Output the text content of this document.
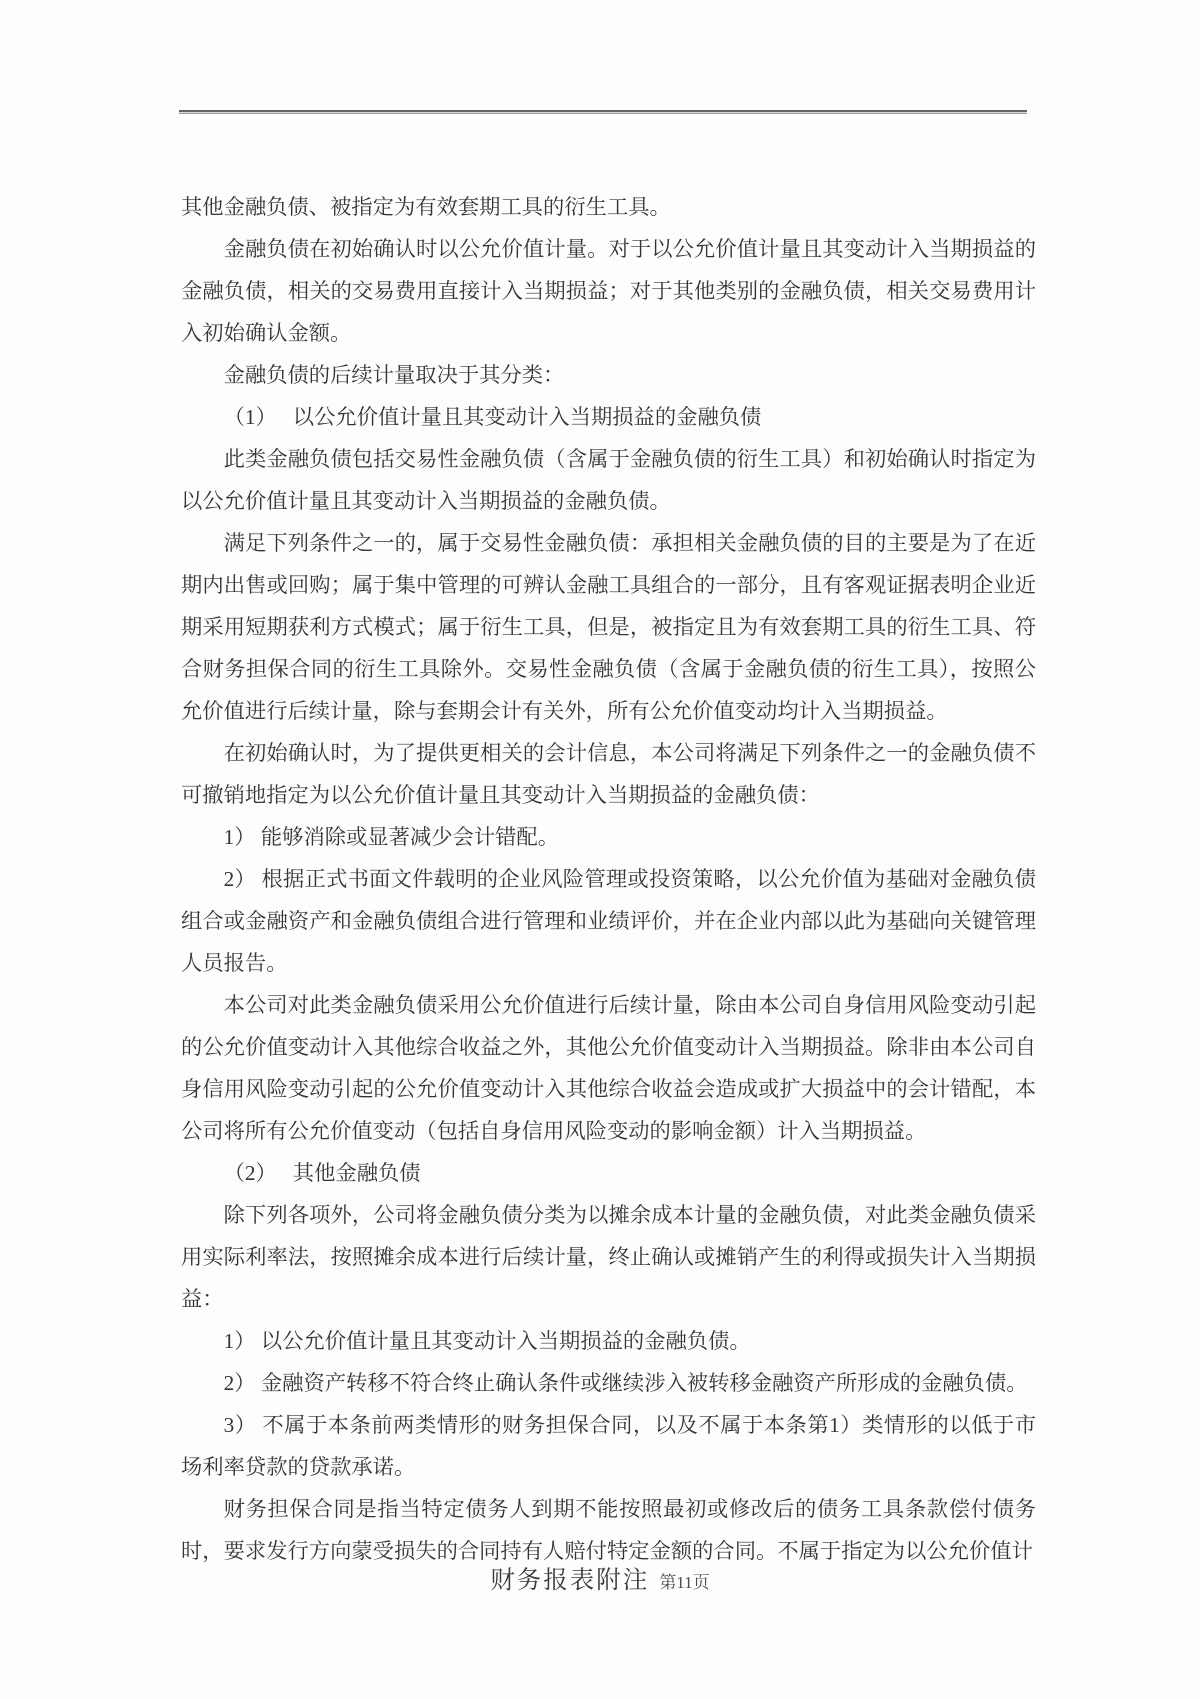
其他金融负债、被指定为有效套期工具的衍生工具。

金融负债在初始确认时以公允价值计量。对于以公允价值计量且其变动计入当期损益的金融负债，相关的交易费用直接计入当期损益；对于其他类别的金融负债，相关交易费用计入初始确认金额。

金融负债的后续计量取决于其分类：

（1）　 以公允价值计量且其变动计入当期损益的金融负债

此类金融负债包括交易性金融负债（含属于金融负债的衍生工具）和初始确认时指定为以公允价值计量且其变动计入当期损益的金融负债。

满足下列条件之一的，属于交易性金融负债：承担相关金融负债的目的主要是为了在近期内出售或回购；属于集中管理的可辨认金融工具组合的一部分，且有客观证据表明企业近期采用短期获利方式模式；属于衍生工具，但是，被指定且为有效套期工具的衍生工具、符合财务担保合同的衍生工具除外。交易性金融负债（含属于金融负债的衍生工具），按照公允价值进行后续计量，除与套期会计有关外，所有公允价值变动均计入当期损益。

在初始确认时，为了提供更相关的会计信息，本公司将满足下列条件之一的金融负债不可撤销地指定为以公允价值计量且其变动计入当期损益的金融负债：

1） 能够消除或显著减少会计错配。

2） 根据正式书面文件载明的企业风险管理或投资策略，以公允价值为基础对金融负债组合或金融资产和金融负债组合进行管理和业绩评价，并在企业内部以此为基础向关键管理人员报告。

本公司对此类金融负债采用公允价值进行后续计量，除由本公司自身信用风险变动引起的公允价值变动计入其他综合收益之外，其他公允价值变动计入当期损益。除非由本公司自身信用风险变动引起的公允价值变动计入其他综合收益会造成或扩大损益中的会计错配，本公司将所有公允价值变动（包括自身信用风险变动的影响金额）计入当期损益。

（2）　 其他金融负债

除下列各项外，公司将金融负债分类为以摊余成本计量的金融负债，对此类金融负债采用实际利率法，按照摊余成本进行后续计量，终止确认或摊销产生的利得或损失计入当期损益：

1） 以公允价值计量且其变动计入当期损益的金融负债。

2） 金融资产转移不符合终止确认条件或继续涉入被转移金融资产所形成的金融负债。

3） 不属于本条前两类情形的财务担保合同，以及不属于本条第1）类情形的以低于市场利率贷款的贷款承诺。

财务担保合同是指当特定债务人到期不能按照最初或修改后的债务工具条款偿付债务时，要求发行方向蒙受损失的合同持有人赔付特定金额的合同。不属于指定为以公允价值计

财务报表附注 第11页
